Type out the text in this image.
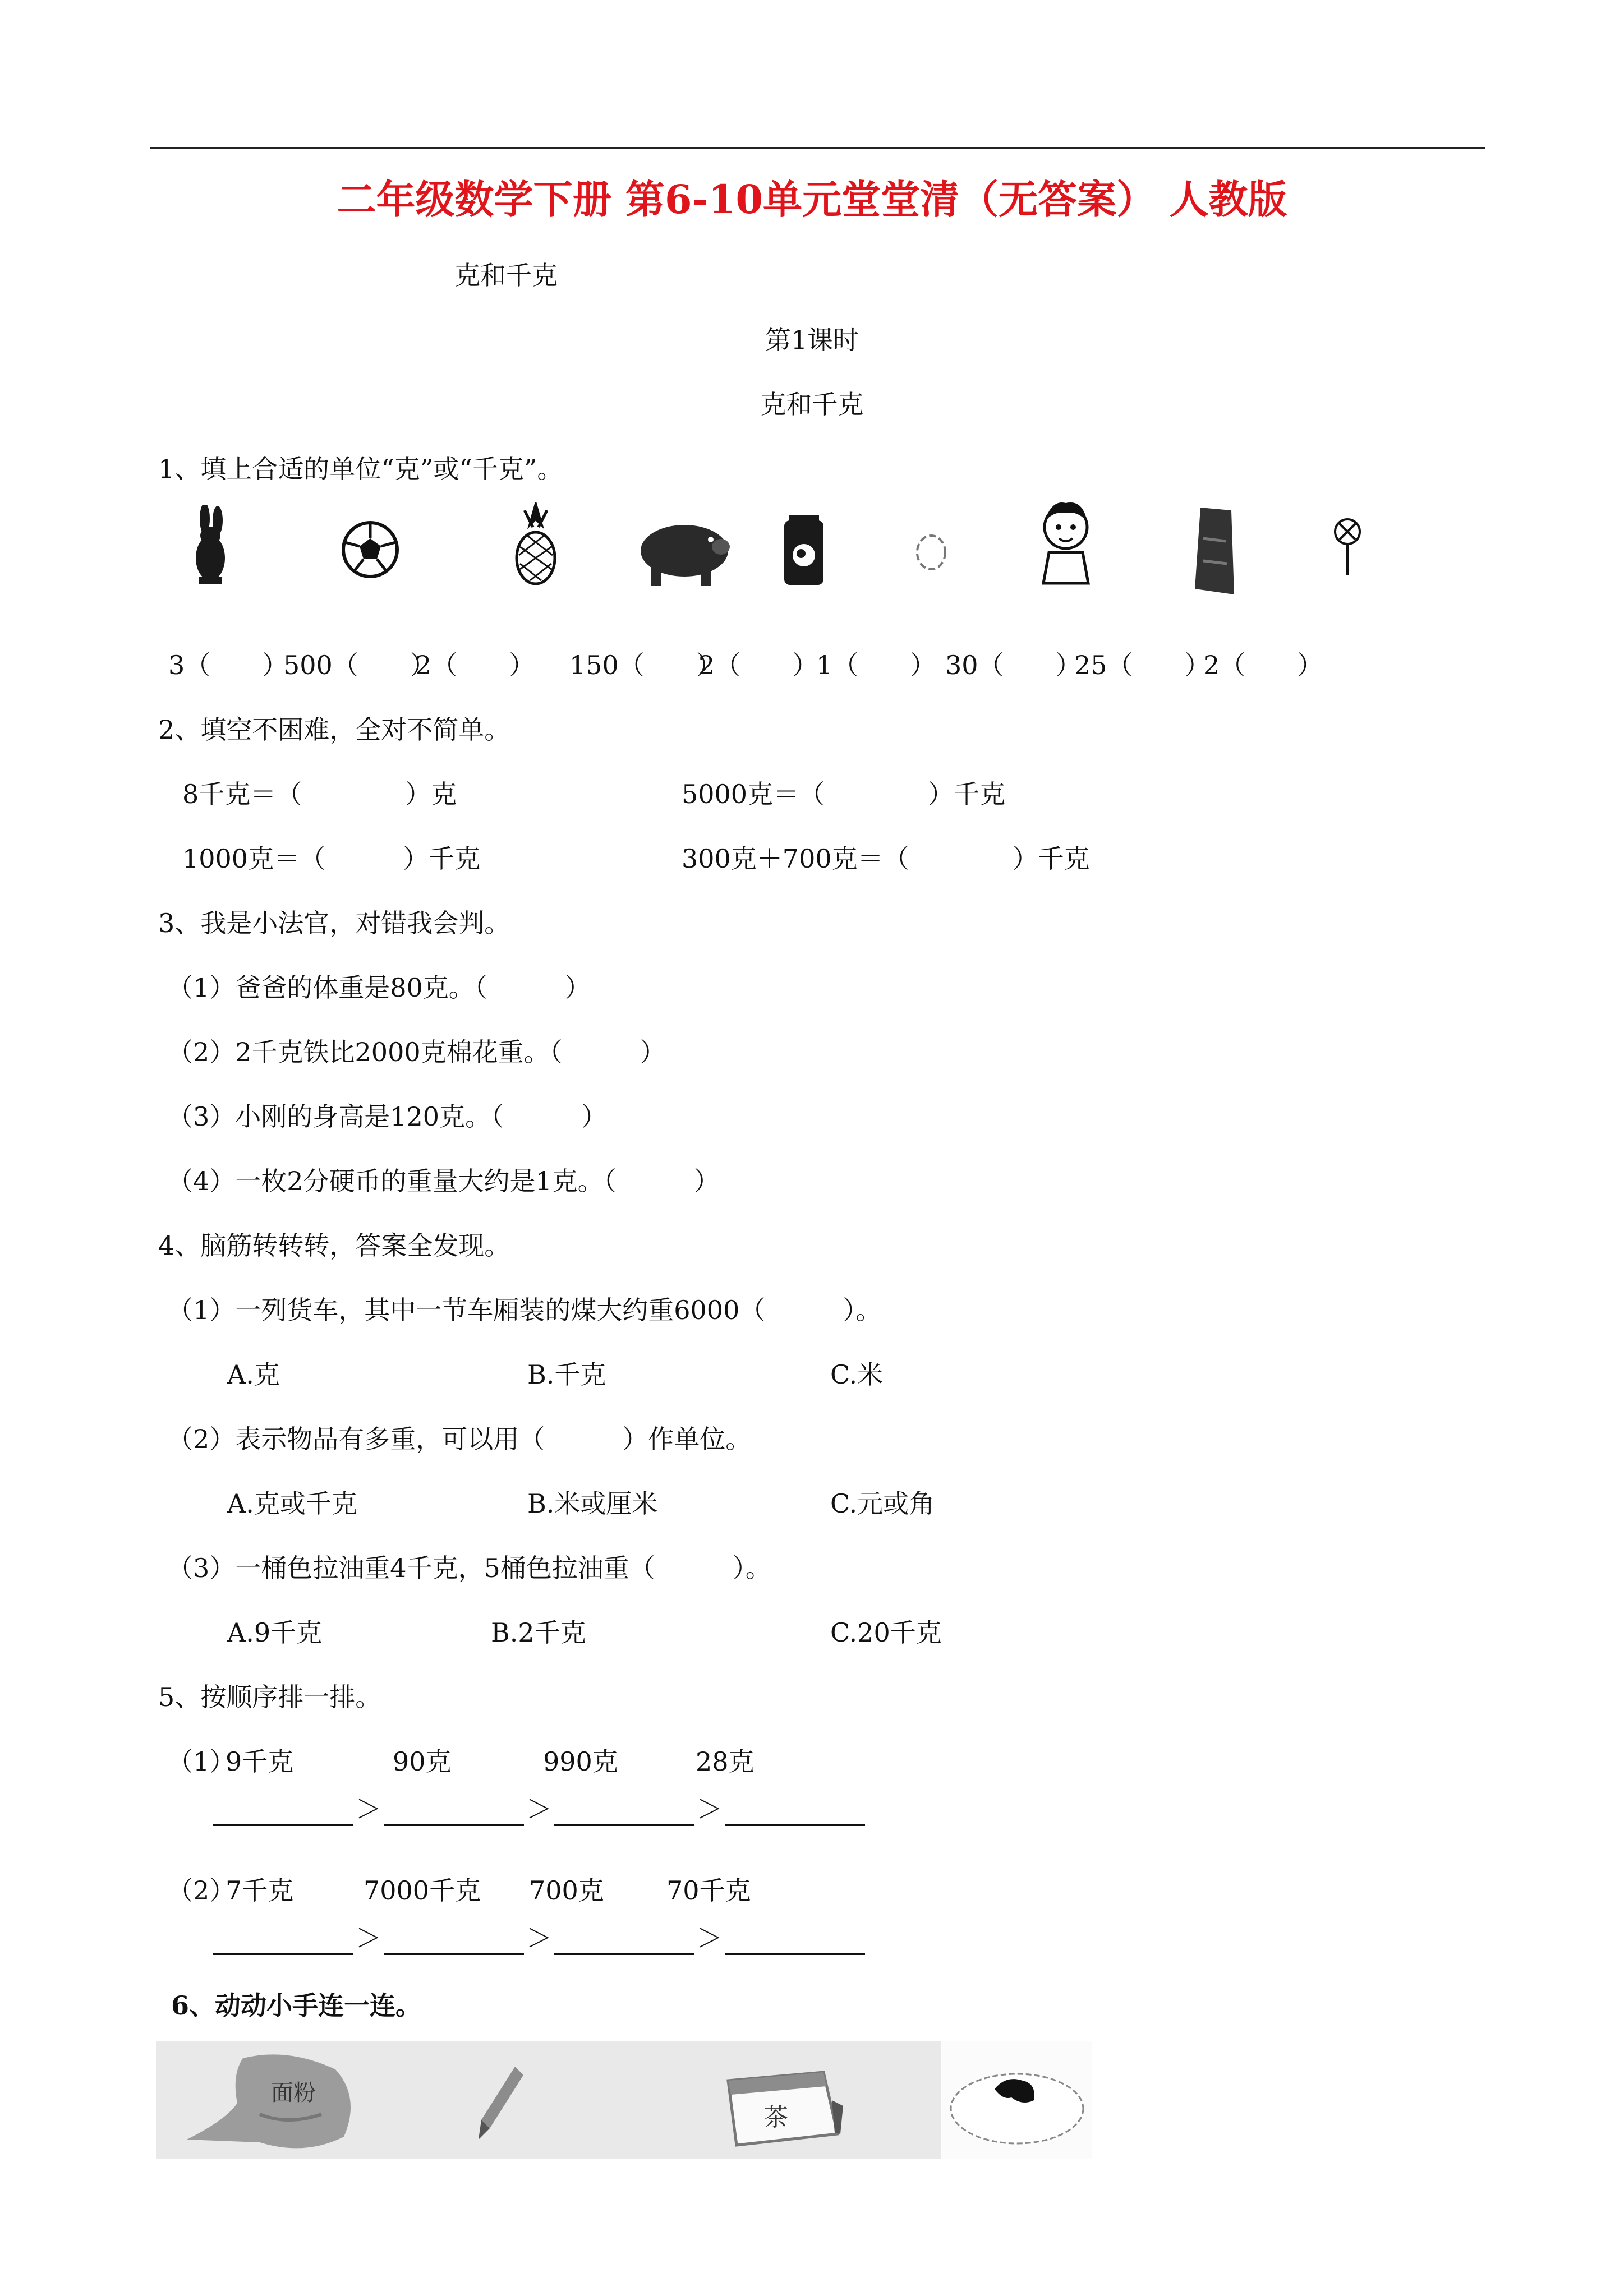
二年级数学下册 第6-10单元堂堂清（无答案） 人教版
克和千克
第1课时
克和千克
1、填上合适的单位“克”或“千克”。
3（　　）
500（　　）
2（　　） 150（　　）
2（　　）
1（　　） 30（　　）
25（　　）
2（　　）
2、填空不困难，全对不简单。
8千克＝（　　　　）克	5000克＝（　　　　）千克
1000克＝（　　　）千克	300克＋700克＝（　　　　）千克
3、我是小法官，对错我会判。
（1）爸爸的体重是80克。（　　　）
（2）2千克铁比2000克棉花重。（　　　）
（3）小刚的身高是120克。（　　　）
（4）一枚2分硬币的重量大约是1克。（　　　）
4、脑筋转转转，答案全发现。
（1）一列货车，其中一节车厢装的煤大约重6000（　　　）。
A.克	B.千克	C.米
（2）表示物品有多重，可以用（　　　）作单位。
A.克或千克	B.米或厘米	C.元或角
（3）一桶色拉油重4千克，5桶色拉油重（　　　）。
A.9千克	B.2千克	C.20千克
5、按顺序排一排。
（1）
9千克	90克	990克	28克
＞	＞	＞
（2）
7千克	7000千克 700克 70千克
＞	＞	＞
6、动动小手连一连。
面粉
茶
